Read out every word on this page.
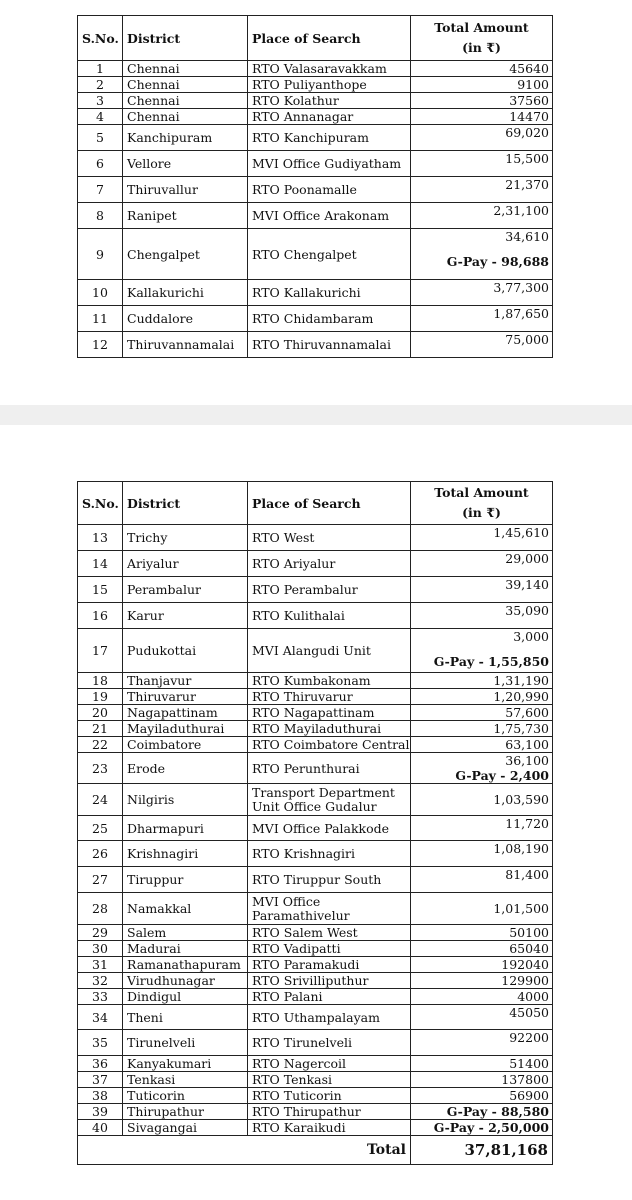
S.No.	District	Place of Search	Total Amount
(in ₹)

1	Chennai	RTO Valasaravakkam	45640

2	Chennai	RTO Puliyanthope	9100

3	Chennai	RTO Kolathur	37560

4	Chennai	RTO Annanagar	14470

5	Kanchipuram	RTO Kanchipuram	69,020

6	Vellore	MVI Office Gudiyatham	15,500

7	Thiruvallur	RTO Poonamalle	21,370

8	Ranipet	MVI Office Arakonam	2,31,100

9	Chengalpet	RTO Chengalpet	34,610
G-Pay - 98,688

10	Kallakurichi	RTO Kallakurichi	3,77,300

11	Cuddalore	RTO Chidambaram	1,87,650

12	Thiruvannamalai	RTO Thiruvannamalai	75,000
S.No.	District	Place of Search	Total Amount
(in ₹)

13	Trichy	RTO West	1,45,610

14	Ariyalur	RTO Ariyalur	29,000

15	Perambalur	RTO Perambalur	39,140

16	Karur	RTO Kulithalai	35,090

17	Pudukottai	MVI Alangudi Unit	3,000
G-Pay - 1,55,850

18	Thanjavur	RTO Kumbakonam	1,31,190

19	Thiruvarur	RTO Thiruvarur	1,20,990

20	Nagapattinam	RTO Nagapattinam	57,600

21	Mayiladuthurai	RTO Mayiladuthurai	1,75,730

22	Coimbatore	RTO Coimbatore Central	63,100

23	Erode	RTO Perunthurai	36,100
G-Pay - 2,400

24	Nilgiris	Transport Department Unit Office Gudalur	1,03,590

25	Dharmapuri	MVI Office Palakkode	11,720

26	Krishnagiri	RTO Krishnagiri	1,08,190

27	Tiruppur	RTO Tiruppur South	81,400

28	Namakkal	MVI Office Paramathivelur	1,01,500

29	Salem	RTO Salem West	50100

30	Madurai	RTO Vadipatti	65040

31	Ramanathapuram	RTO Paramakudi	192040

32	Virudhunagar	RTO Srivilliputhur	129900

33	Dindigul	RTO Palani	4000

34	Theni	RTO Uthampalayam	45050

35	Tirunelveli	RTO Tirunelveli	92200

36	Kanyakumari	RTO Nagercoil	51400

37	Tenkasi	RTO Tenkasi	137800

38	Tuticorin	RTO Tuticorin	56900

39	Thirupathur	RTO Thirupathur	G-Pay - 88,580

40	Sivagangai	RTO Karaikudi	G-Pay - 2,50,000

Total			37,81,168
